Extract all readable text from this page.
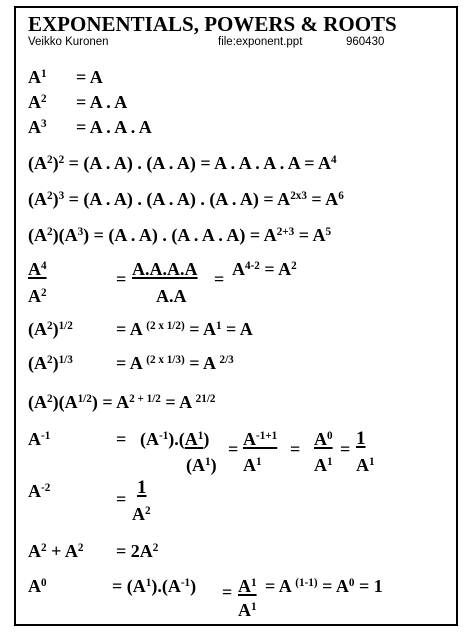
EXPONENTIALS, POWERS & ROOTS
Veikko Kuronen	file:exponent.ppt	960430
$A^1 = A$
$A^2 = A$ . A
$A^3 = A$ . A . A
$(A^2)^2 = (A$ . A) . (A . A) = A . A . A . $A = A^4$
$(A^2)^3 = (A$ . A) . (A . A) . (A . $A) = A^{2x3} = A^6$
$(A^2)(A^3) = (A$ . A) . (A . A . $A) = A^{2+3} = A^5$
$A^4$
$A^2$
= A.A.A.A
A.A
= $A^{4-2} = A^2$
$(A^2)^{1/2} = A$ $^{(2 x 1/2)} = A^1 = A$
$(A^2)^{1/3} = A$ $^{(2 x 1/3)}$ = A $^{2/3}$
$(A^2)(A^{1/2}) = A^{2 + 1/2} = A$ $^{21/2}$
$A^{-1}$	= $(A^{-1}).(A^1)$
$(A^1)$
= $A^{-1+1}$
$A^1$
= $A^0$
$A^1$
= 1
$A^1$
$A^{-2}$
=
1
$A^2$
$A^2 + A^2 = 2A^2$
$A^0$	= $(A^1).(A^{-1}) = A^1$
$A^1$
= A $^{(1-1)} = A^0 = 1$
